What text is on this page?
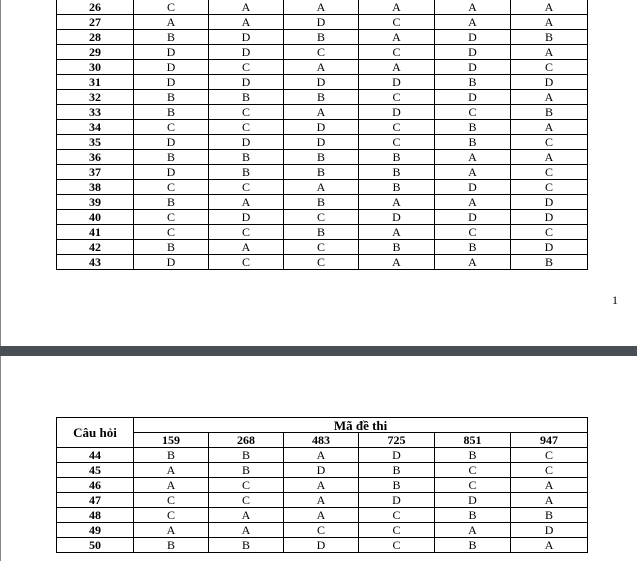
26	C	A	A	A	A	A
27	A	A	D	C	A	A
28	B	D	B	A	D	B
29	D	D	C	C	D	A
30	D	C	A	A	D	C
31	D	D	D	D	B	D
32	B	B	B	C	D	A
33	B	C	A	D	C	B
34	C	C	D	C	B	A
35	D	D	D	C	B	C
36	B	B	B	B	A	A
37	D	B	B	B	A	C
38	C	C	A	B	D	C
39	B	A	B	A	A	D
40	C	D	C	D	D	D
41	C	C	B	A	C	C
42	B	A	C	B	B	D
43	D	C	C	A	A	B
1
Câu hỏi	Mã đề thi					
	159	268	483	725	851	947
44	B	B	A	D	B	C
45	A	B	D	B	C	C
46	A	C	A	B	C	A
47	C	C	A	D	D	A
48	C	A	A	C	B	B
49	A	A	C	C	A	D
50	B	B	D	C	B	A
